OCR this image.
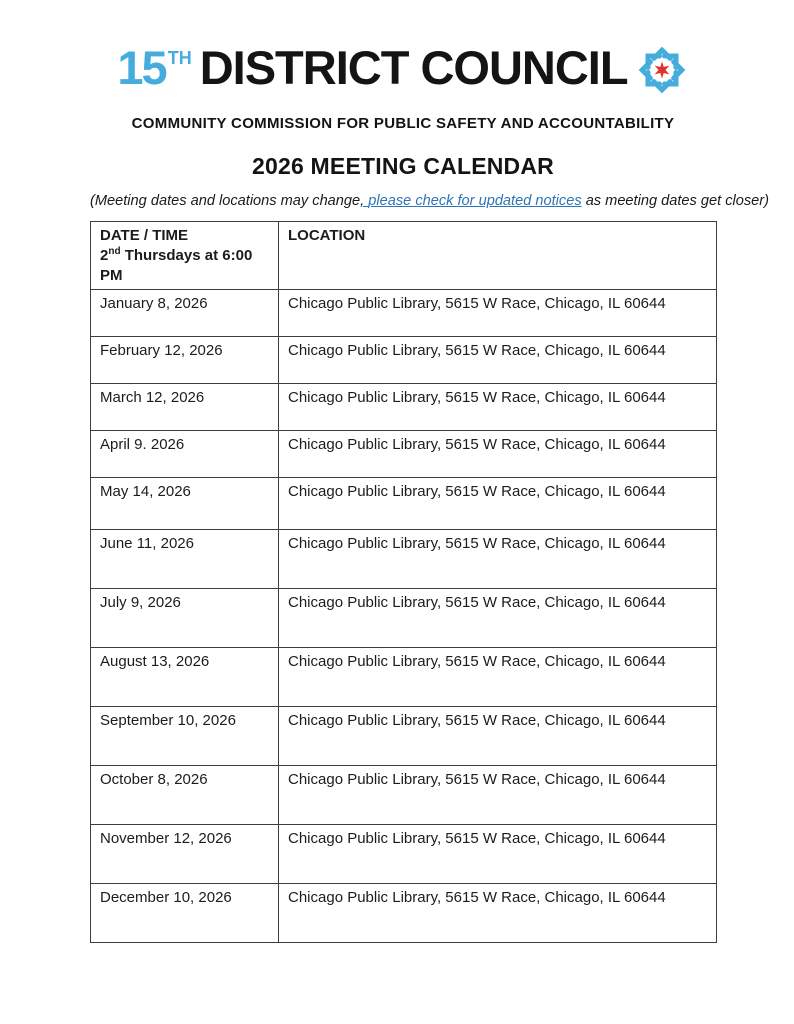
15 TH DISTRICT COUNCIL
COMMUNITY COMMISSION FOR PUBLIC SAFETY AND ACCOUNTABILITY
2026 MEETING CALENDAR

(Meeting dates and locations may change, please check for updated notices as meeting dates get closer)

DATE / TIME
2nd Thursdays at 6:00 PM	LOCATION
January 8, 2026	Chicago Public Library, 5615 W Race, Chicago, IL 60644
February 12, 2026	Chicago Public Library, 5615 W Race, Chicago, IL 60644
March 12, 2026	Chicago Public Library, 5615 W Race, Chicago, IL 60644
April 9. 2026	Chicago Public Library, 5615 W Race, Chicago, IL 60644
May 14, 2026	Chicago Public Library, 5615 W Race, Chicago, IL 60644
June 11, 2026	Chicago Public Library, 5615 W Race, Chicago, IL 60644
July 9, 2026	Chicago Public Library, 5615 W Race, Chicago, IL 60644
August 13, 2026	Chicago Public Library, 5615 W Race, Chicago, IL 60644
September 10, 2026	Chicago Public Library, 5615 W Race, Chicago, IL 60644
October 8, 2026	Chicago Public Library, 5615 W Race, Chicago, IL 60644
November 12, 2026	Chicago Public Library, 5615 W Race, Chicago, IL 60644
December 10, 2026	Chicago Public Library, 5615 W Race, Chicago, IL 60644
